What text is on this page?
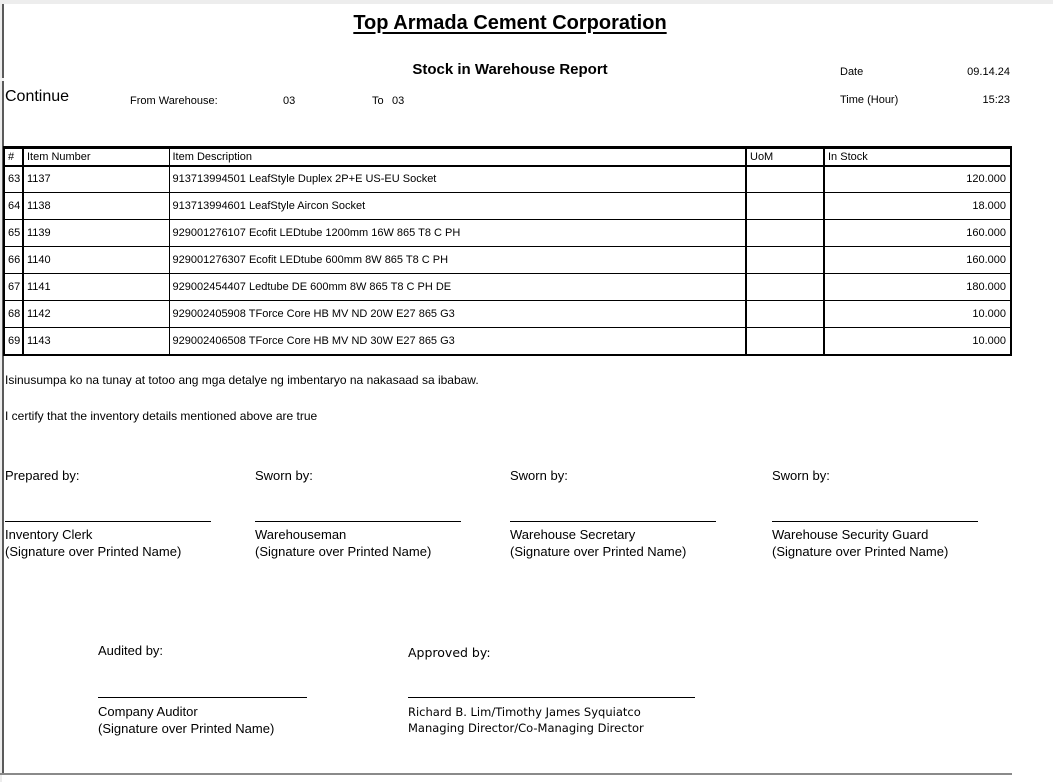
Top Armada Cement Corporation
Stock in Warehouse Report
Continue	From Warehouse:	03	To 03
Date	09.14.24
Time (Hour)	15:23
#	Item Number	Item Description	UoM	In Stock
63	1137	913713994501 LeafStyle Duplex 2P+E US-EU Socket		120.000
64	1138	913713994601 LeafStyle Aircon Socket		18.000
65	1139	929001276107 Ecofit LEDtube 1200mm 16W 865 T8 C PH		160.000
66	1140	929001276307 Ecofit LEDtube 600mm 8W 865 T8 C PH		160.000
67	1141	929002454407 Ledtube DE 600mm 8W 865 T8 C PH DE		180.000
68	1142	929002405908 TForce Core HB MV ND 20W E27 865 G3		10.000
69	1143	929002406508 TForce Core HB MV ND 30W E27 865 G3		10.000
Isinusumpa ko na tunay at totoo ang mga detalye ng imbentaryo na nakasaad sa ibabaw.
I certify that the inventory details mentioned above are true
Prepared by:
Inventory Clerk
(Signature over Printed Name)
Sworn by:
Warehouseman
(Signature over Printed Name)
Sworn by:
Warehouse Secretary
(Signature over Printed Name)
Sworn by:
Warehouse Security Guard
(Signature over Printed Name)
Audited by:
Company Auditor
(Signature over Printed Name)
Approved by:
Richard B. Lim/Timothy James Syquiatco
Managing Director/Co-Managing Director
